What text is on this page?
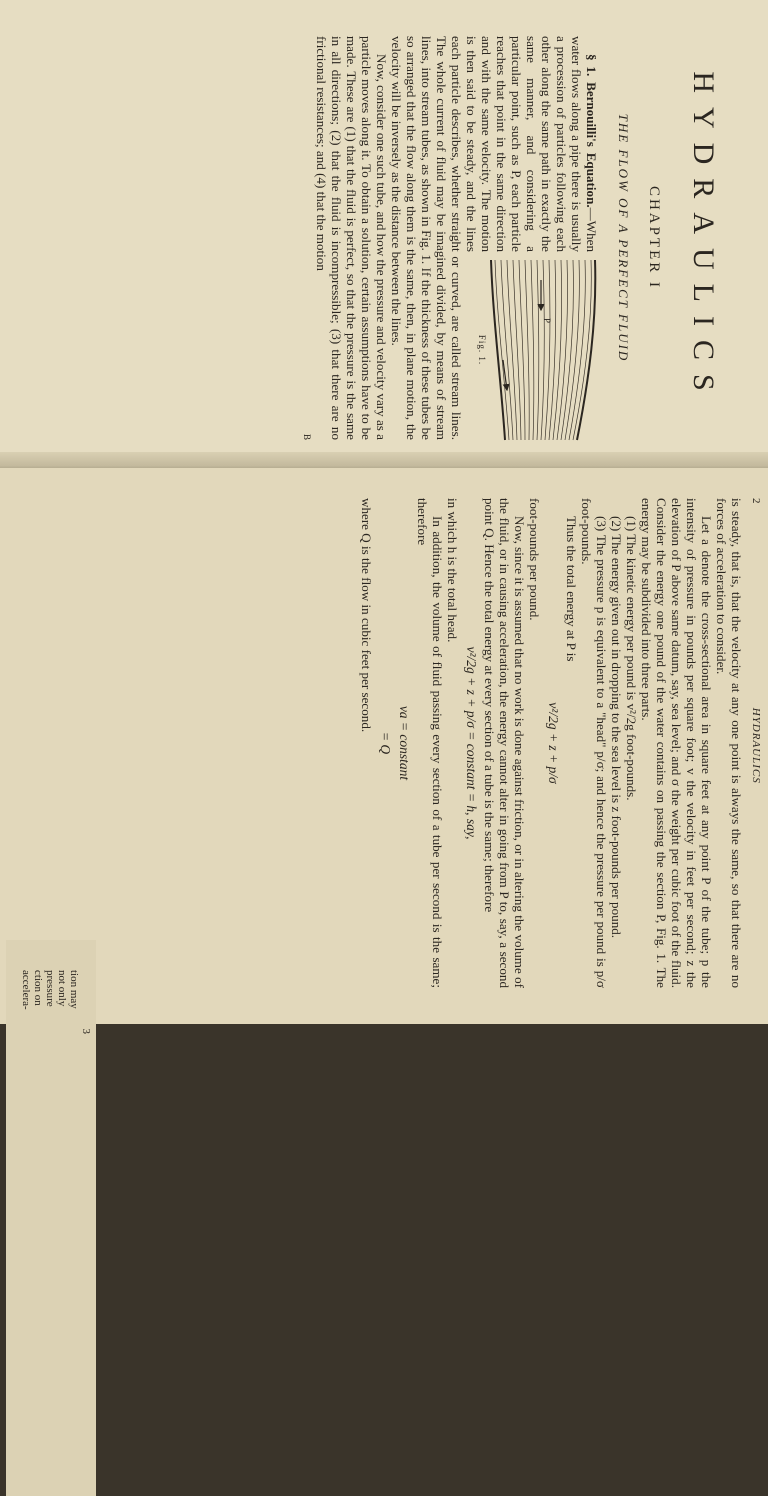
HYDRAULICS
CHAPTER I
THE FLOW OF A PERFECT FLUID
P
Fig. 1.

§ 1. Bernouilli's Equation.—When water flows along a pipe there is usually a procession of particles following each other along the same path in exactly the same manner, and considering a particular point, such as P, each particle reaches that point in the same direction and with the same velocity. The motion is then said to be steady, and the lines each particle describes, whether straight or curved, are called stream lines. The whole current of fluid may be imagined divided, by means of stream lines, into stream tubes, as shown in Fig. 1. If the thickness of these tubes be so arranged that the flow along them is the same, then, in plane motion, the velocity will be inversely as the distance between the lines.

Now, consider one such tube, and how the pressure and velocity vary as a particle moves along it. To obtain a solution, certain assumptions have to be made. These are (1) that the fluid is perfect, so that the pressure is the same in all directions; (2) that the fluid is incompressible; (3) that there are no frictional resistances; and (4) that the motion

B
2
HYDRAULICS

is steady, that is, that the velocity at any one point is always the same, so that there are no forces of acceleration to consider.

Let a denote the cross-sectional area in square feet at any point P of the tube; p the intensity of pressure in pounds per square foot; v the velocity in feet per second; z the elevation of P above same datum, say, sea level; and σ the weight per cubic foot of the fluid. Consider the energy one pound of the water contains on passing the section P, Fig. 1. The energy may be subdivided into three parts.

(1) The kinetic energy per pound is v²/2g foot-pounds.

(2) The energy given out in dropping to the sea level is z foot-pounds per pound.

(3) The pressure p is equivalent to a "head" p/σ; and hence the pressure per pound is p/σ foot-pounds.

Thus the total energy at P is

v²/2g + z + p/σ

foot-pounds per pound.

Now, since it is assumed that no work is done against friction, or in altering the volume of the fluid, or in causing acceleration, the energy cannot alter in going from P to, say, a second point Q. Hence the total energy at every section of a tube is the same; therefore

v²/2g + z + p/σ = constant = h, say,

in which h is the total head.

In addition, the volume of fluid passing every section of a tube per second is the same; therefore

va = constant
= Q

where Q is the flow in cubic feet per second.

3
tion may
not only
pressure
ction on
accelera-
